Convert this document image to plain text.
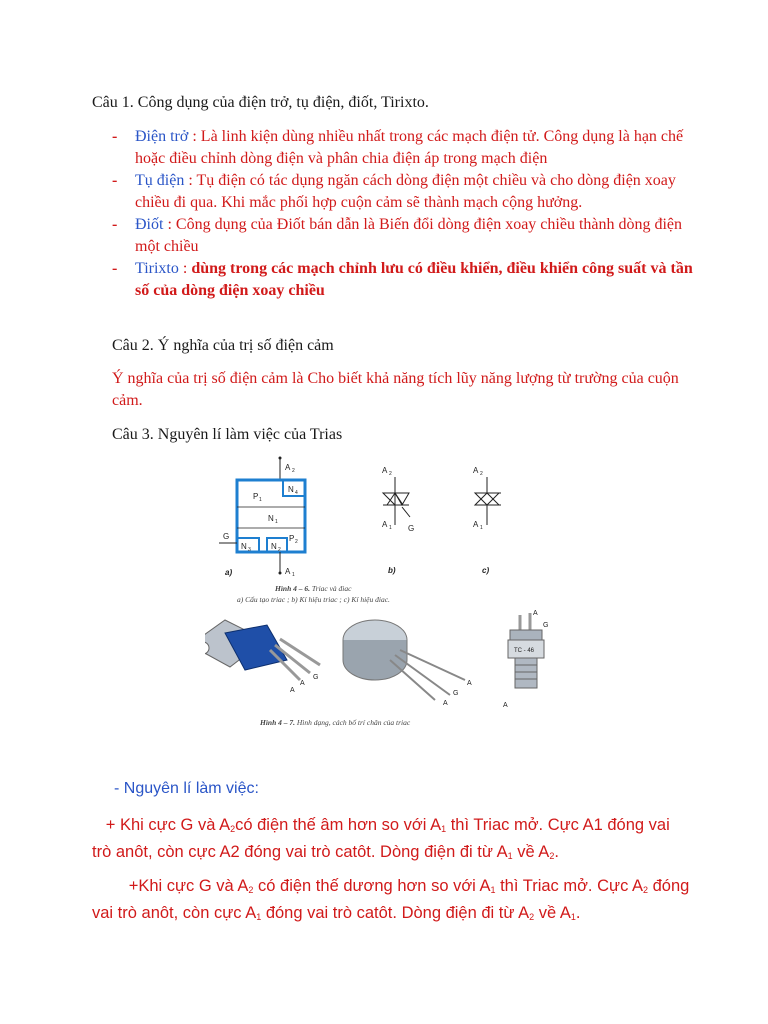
Câu 1. Công dụng của điện trở, tụ điện, điốt, Tirixto.
- Điện trở : Là linh kiện dùng nhiều nhất trong các mạch điện tử. Công dụng là hạn chế hoặc điều chỉnh dòng điện và phân chia điện áp trong mạch điện
- Tụ điện : Tụ điện có tác dụng ngăn cách dòng điện một chiều và cho dòng điện xoay chiều đi qua. Khi mắc phối hợp cuộn cảm sẽ thành mạch cộng hưởng.
- Điốt : Công dụng của Điốt bán dẫn là Biến đổi dòng điện xoay chiều thành dòng điện một chiều
- Tirixto : dùng trong các mạch chỉnh lưu có điều khiển, điều khiển công suất và tần số của dòng điện xoay chiều
Câu 2. Ý nghĩa của trị số điện cảm
Ý nghĩa của trị số điện cảm là Cho biết khả năng tích lũy năng lượng từ trường của cuộn cảm.
Câu 3. Nguyên lí làm việc của Trias
A 2
N 4
P 1
N 1
N 3	N 2
P 2
G
A 1
a)
A 2
A 1 G
b)
A 2
A 1
c)
Hình 4 – 6. Triac và điac
a) Cấu tạo triac ; b) Kí hiệu triac ; c) Kí hiệu điac.
A
A
G
A
G
A
TC - 46
A
G
A
Hình 4 – 7. Hình dạng, cách bố trí chân của triac
- Nguyên lí làm việc:
+ Khi cực G và $A_2có$ điện thế âm hơn so với $A_1$ thì Triac mở. Cực A1 đóng vai trò anôt, còn cực A2 đóng vai trò catôt. Dòng điện đi từ $A_1$ về $A_2$.
+Khi cực G và $A_2$ có điện thế dương hơn so với $A_1$ thì Triac mở. Cực $A_2$ đóng vai trò anôt, còn cực $A_1$ đóng vai trò catôt. Dòng điện đi từ $A_2$ về $A_1$.
